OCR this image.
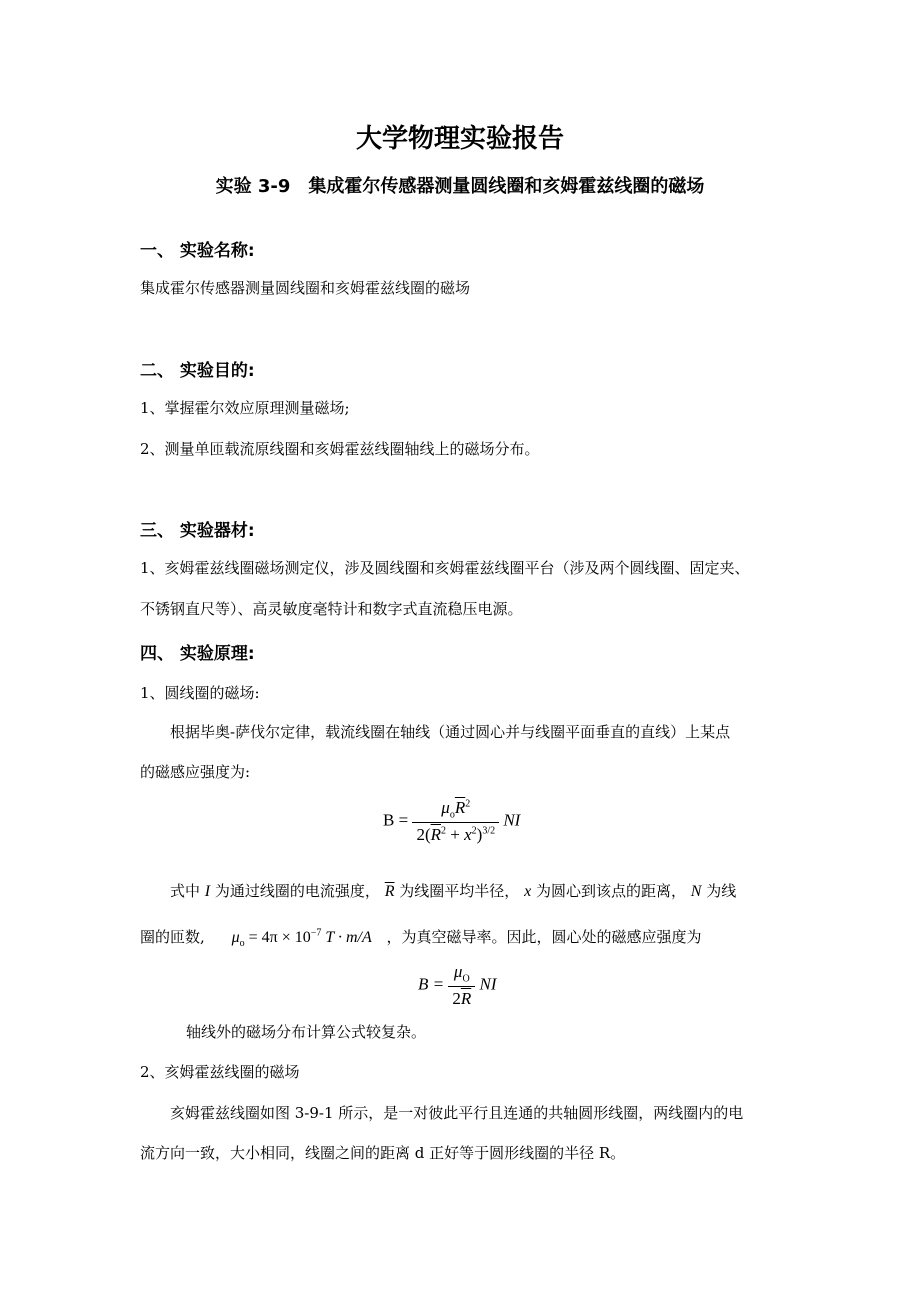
大学物理实验报告
实验 3-9　集成霍尔传感器测量圆线圈和亥姆霍兹线圈的磁场
一、 实验名称:
集成霍尔传感器测量圆线圈和亥姆霍兹线圈的磁场
二、 实验目的:
1、掌握霍尔效应原理测量磁场;
2、测量单匝载流原线圈和亥姆霍兹线圈轴线上的磁场分布。
三、 实验器材:
1、亥姆霍兹线圈磁场测定仪，涉及圆线圈和亥姆霍兹线圈平台（涉及两个圆线圈、固定夹、
不锈钢直尺等）、高灵敏度毫特计和数字式直流稳压电源。
四、 实验原理:
1、圆线圈的磁场:
根据毕奥-萨伐尔定律，载流线圈在轴线（通过圆心并与线圈平面垂直的直线）上某点
的磁感应强度为:
$B = \frac{\mu_o\overline{R}^2}{2(\overline{R}^2 + x^2)^{3/2}}$ NI
式中 I 为通过线圈的电流强度， $\overline{R}$ 为线圈平均半径， x 为圆心到该点的距离， N 为线
圈的匝数, $\mu_o = 4\pi \times 10^{-7}$ T · m/A ，为真空磁导率。因此，圆心处的磁感应强度为
$B = \frac{\mu_O}{2\overline{R}}$ NI
轴线外的磁场分布计算公式较复杂。
2、亥姆霍兹线圈的磁场
亥姆霍兹线圈如图 3-9-1 所示，是一对彼此平行且连通的共轴圆形线圈，两线圈内的电
流方向一致，大小相同，线圈之间的距离 d 正好等于圆形线圈的半径 R。
